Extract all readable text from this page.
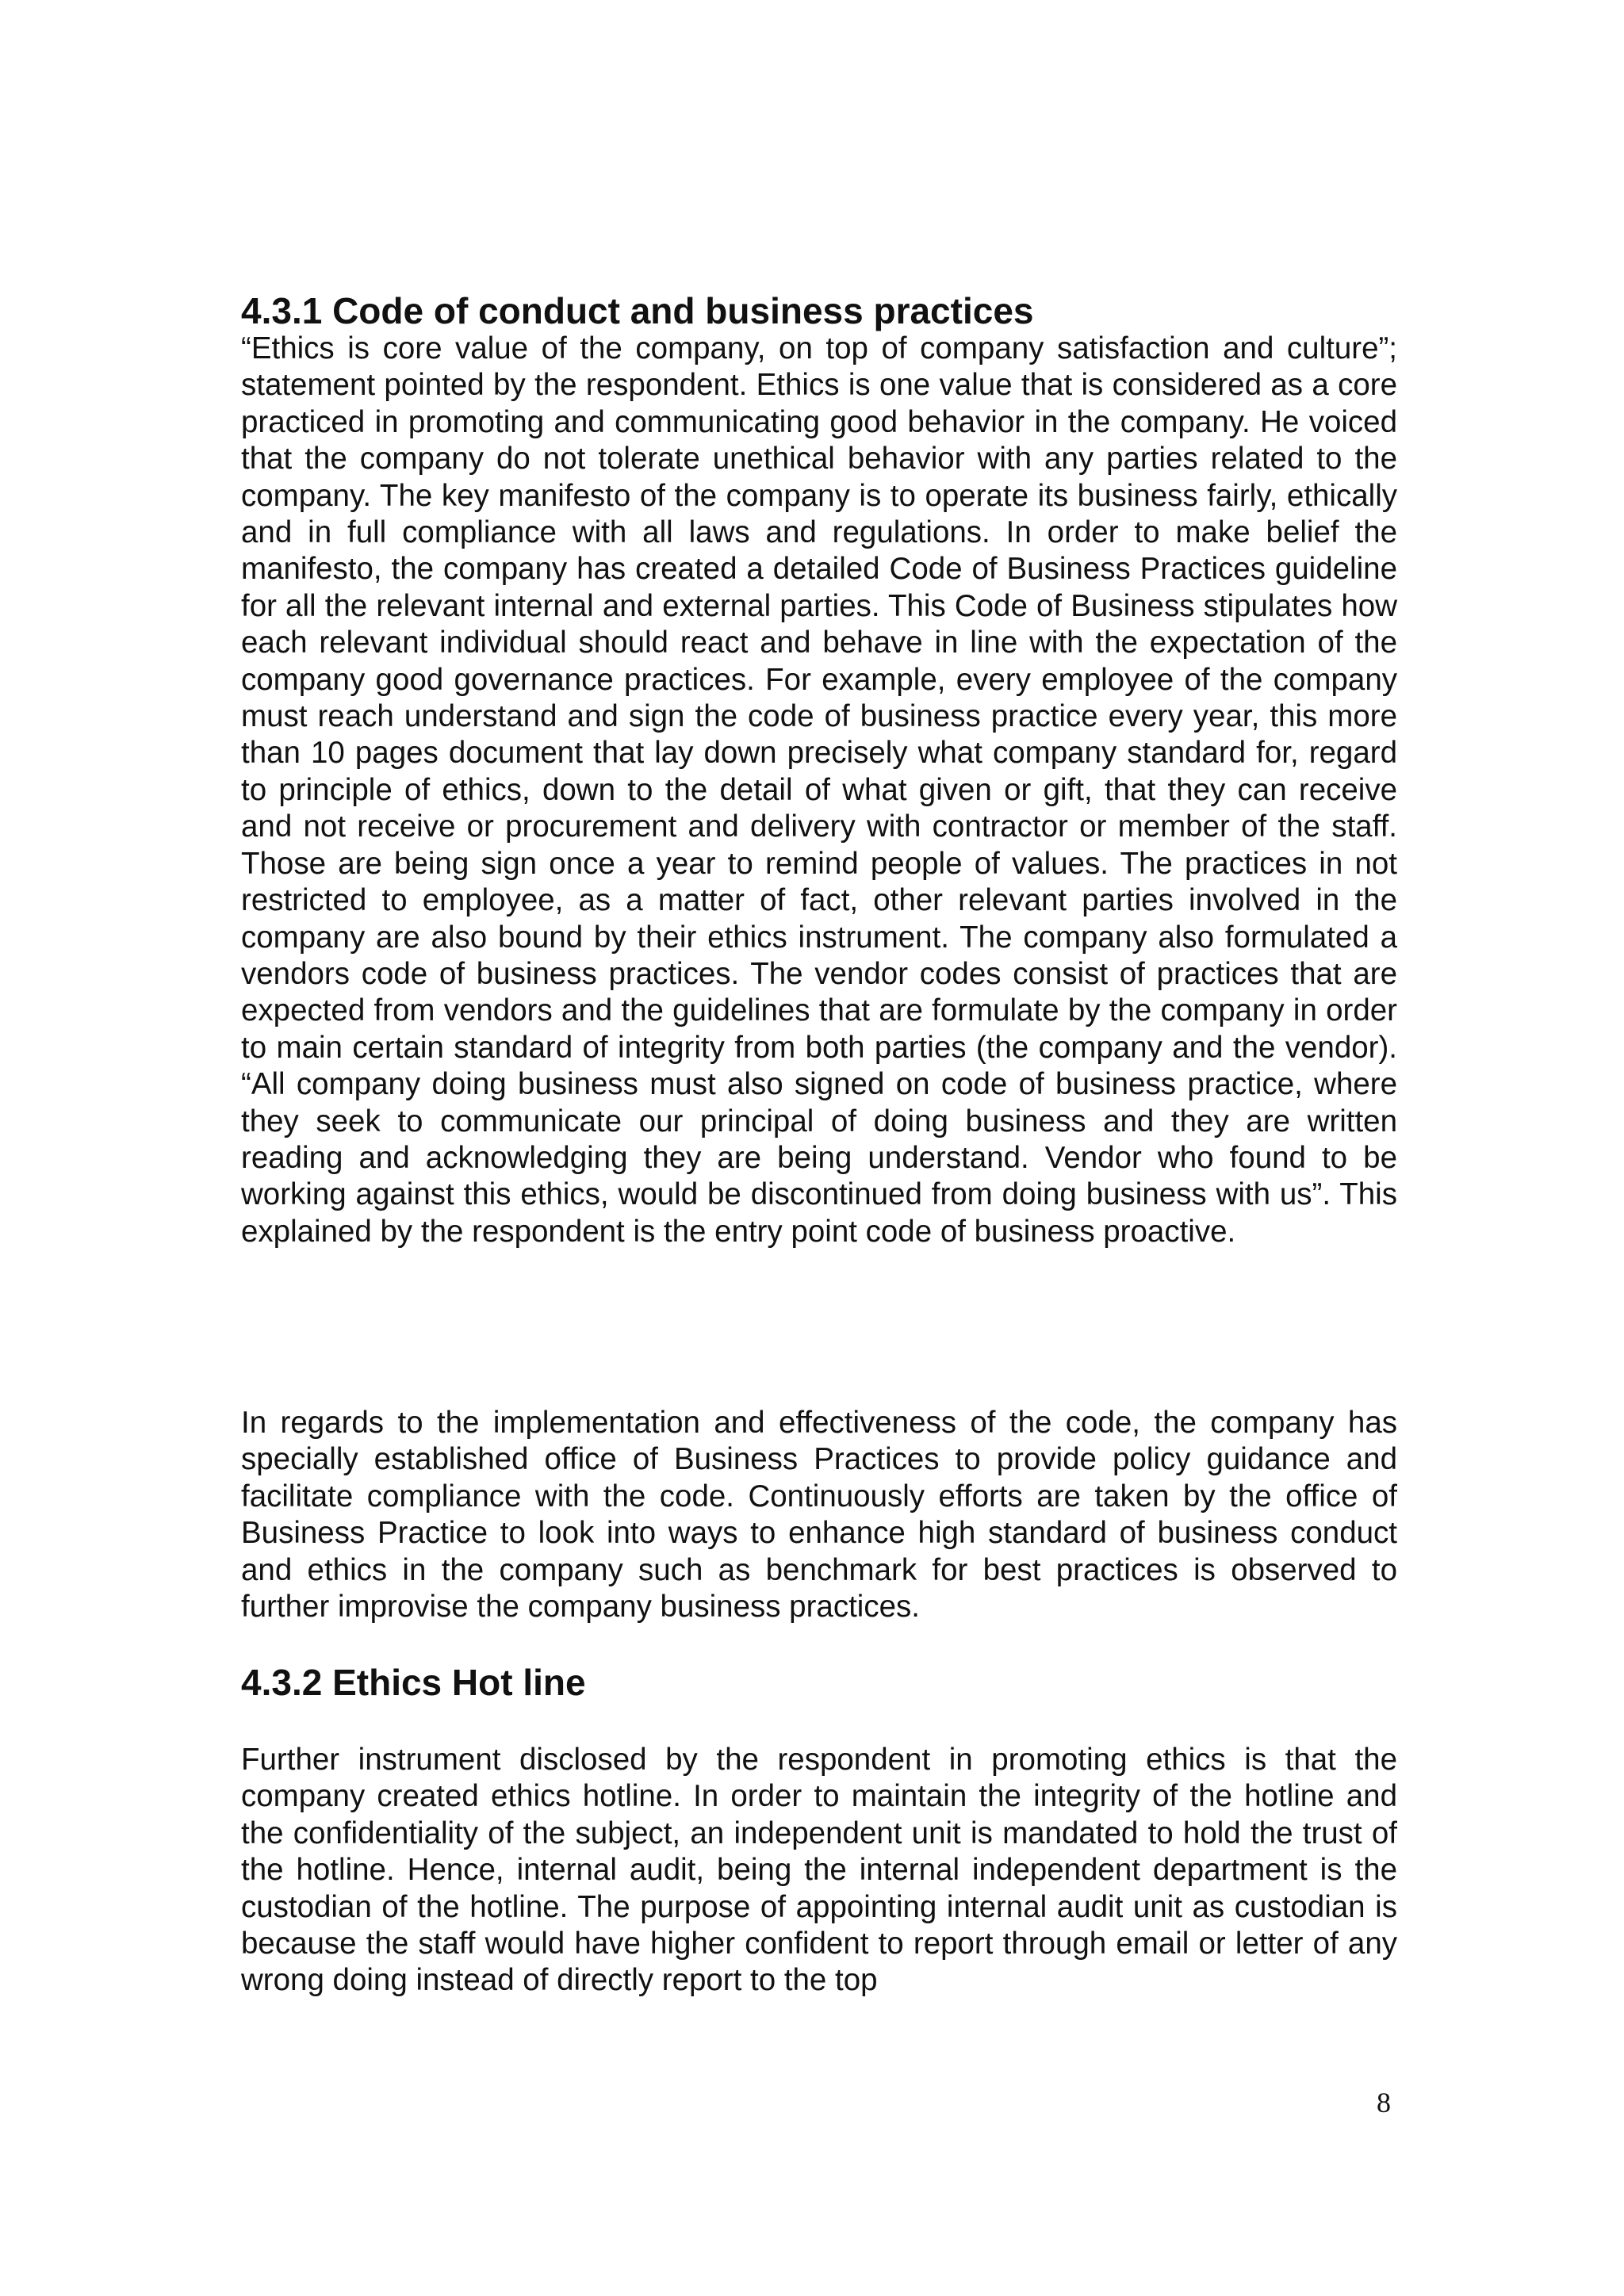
4.3.1 Code of conduct and business practices

“Ethics is core value of the company, on top of company satisfaction and culture”; statement pointed by the respondent. Ethics is one value that is considered as a core practiced in promoting and communicating good behavior in the company. He voiced that the company do not tolerate unethical behavior with any parties related to the company. The key manifesto of the company is to operate its business fairly, ethically and in full compliance with all laws and regulations. In order to make belief the manifesto, the company has created a detailed Code of Business Practices guideline for all the relevant internal and external parties. This Code of Business stipulates how each relevant individual should react and behave in line with the expectation of the company good governance practices. For example, every employee of the company must reach understand and sign the code of business practice every year, this more than 10 pages document that lay down precisely what company standard for, regard to principle of ethics, down to the detail of what given or gift, that they can receive and not receive or procurement and delivery with contractor or member of the staff. Those are being sign once a year to remind people of values. The practices in not restricted to employee, as a matter of fact, other relevant parties involved in the company are also bound by their ethics instrument. The company also formulated a vendors code of business practices. The vendor codes consist of practices that are expected from vendors and the guidelines that are formulate by the company in order to main certain standard of integrity from both parties (the company and the vendor). “All company doing business must also signed on code of business practice, where they seek to communicate our principal of doing business and they are written reading and acknowledging they are being understand. Vendor who found to be working against this ethics, would be discontinued from doing business with us”. This explained by the respondent is the entry point code of business proactive.

In regards to the implementation and effectiveness of the code, the company has specially established office of Business Practices to provide policy guidance and facilitate compliance with the code. Continuously efforts are taken by the office of Business Practice to look into ways to enhance high standard of business conduct and ethics in the company such as benchmark for best practices is observed to further improvise the company business practices.

4.3.2 Ethics Hot line

Further instrument disclosed by the respondent in promoting ethics is that the company created ethics hotline. In order to maintain the integrity of the hotline and the confidentiality of the subject, an independent unit is mandated to hold the trust of the hotline. Hence, internal audit, being the internal independent department is the custodian of the hotline. The purpose of appointing internal audit unit as custodian is because the staff would have higher confident to report through email or letter of any wrong doing instead of directly report to the top

8
